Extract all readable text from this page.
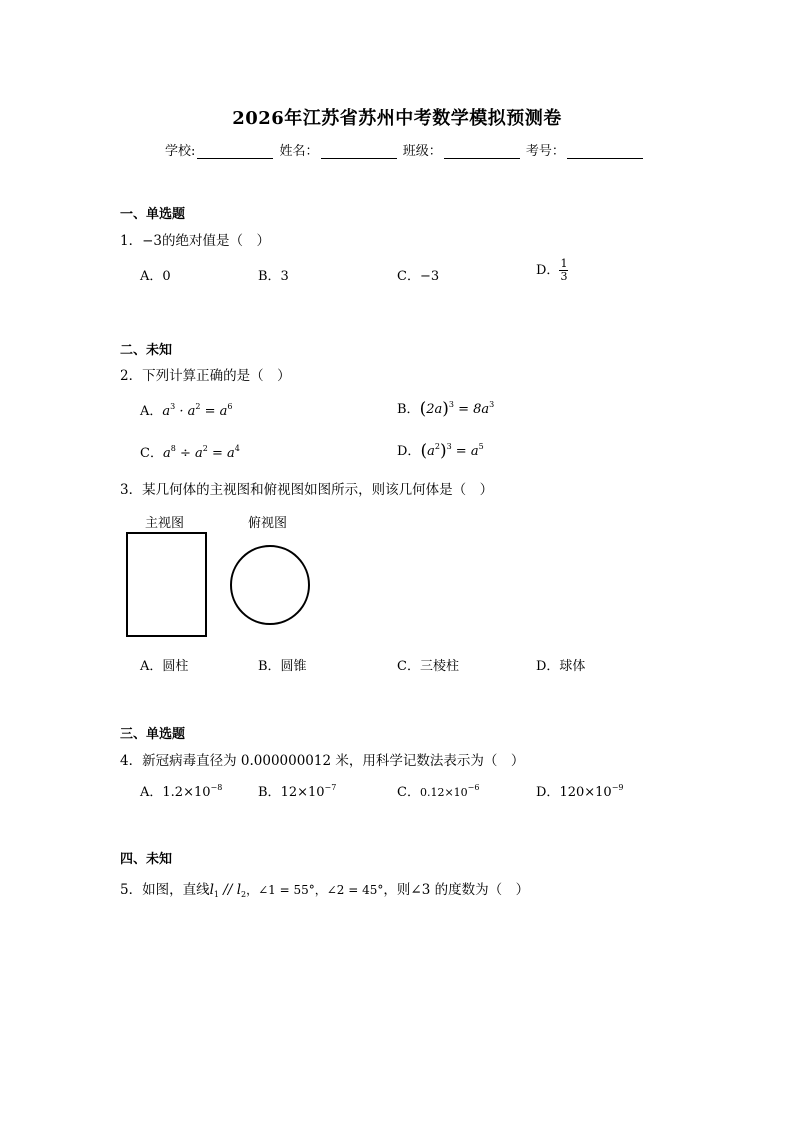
2026年江苏省苏州中考数学模拟预测卷
学校:	姓名：	班级：	考号：
一、单选题
1．−3的绝对值是（　）
A．0	B．3	C．−3	D． $\frac{1}{3}$
二、未知
2．下列计算正确的是（　）
A．$a^3 \cdot a^2 = a^6$	B．$(2a)^3 = 8a^3$
C．$a^8 \div a^2 = a^4$	D．$(a^2)^3 = a^5$
3．某几何体的主视图和俯视图如图所示，则该几何体是（　）
主视图	俯视图
A．圆柱	B．圆锥	C．三棱柱	D．球体
三、单选题
4．新冠病毒直径为 0.000000012 米，用科学记数法表示为（　）
A．$1.2\times 10^{-8}$	B．$12\times 10^{-7}$	C．$0.12\times 10^{-6}$	D．$120\times 10^{-9}$
四、未知
5．如图，直线$l_1 // l_2$，∠1 = 55°，∠2 = 45°，则∠3 的度数为（　）
